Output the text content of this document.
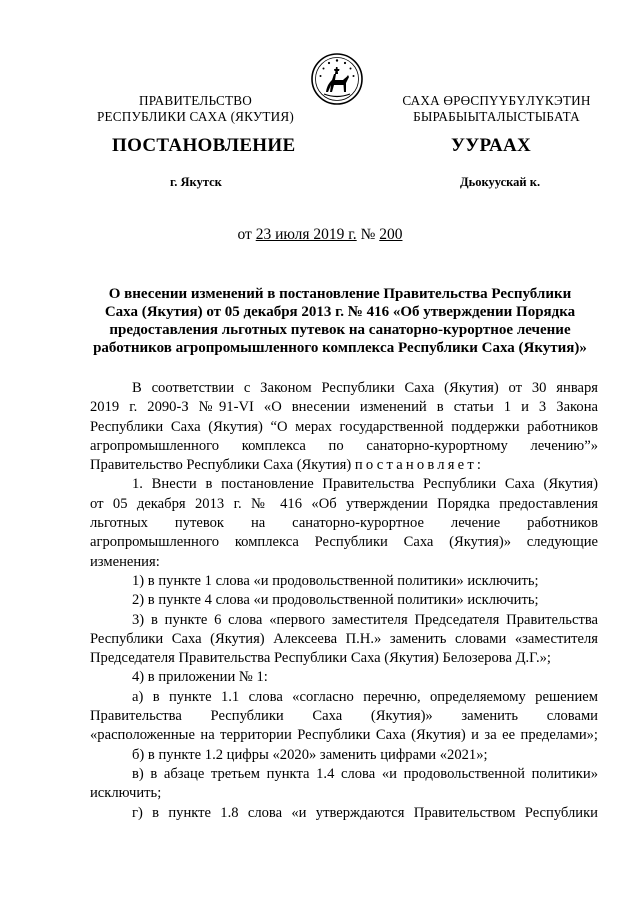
ПРАВИТЕЛЬСТВО
РЕСПУБЛИКИ САХА (ЯКУТИЯ)
САХА ӨРӨСПҮҮБҮЛҮКЭТИН
БЫРАБЫЫТАЛЫСТЫБАТА
ПОСТАНОВЛЕНИЕ	УУРААХ
г. Якутск	Дьокуускай к.
от 23 июля 2019 г. № 200
О внесении изменений в постановление Правительства Республики
Саха (Якутия) от 05 декабря 2013 г. № 416 «Об утверждении Порядка
предоставления льготных путевок на санаторно-курортное лечение
работников агропромышленного комплекса Республики Саха (Якутия)»

В соответствии с Законом Республики Саха (Якутия) от 30 января

2019 г. 2090-З №91-VI «О внесении изменений в статьи 1 и 3 Закона

Республики Саха (Якутия) “О мерах государственной поддержки работников

агропромышленного комплекса по санаторно-курортному лечению”»

Правительство Республики Саха (Якутия) постановляет:

1. Внести в постановление Правительства Республики Саха (Якутия)

от 05 декабря 2013 г. № 416 «Об утверждении Порядка предоставления

льготных путевок на санаторно-курортное лечение работников

агропромышленного комплекса Республики Саха (Якутия)» следующие

изменения:

1) в пункте 1 слова «и продовольственной политики» исключить;

2) в пункте 4 слова «и продовольственной политики» исключить;

3) в пункте 6 слова «первого заместителя Председателя Правительства

Республики Саха (Якутия) Алексеева П.Н.» заменить словами «заместителя

Председателя Правительства Республики Саха (Якутия) Белозерова Д.Г.»;

4) в приложении № 1:

а) в пункте 1.1 слова «согласно перечню, определяемому решением

Правительства Республики Саха (Якутия)» заменить словами

«расположенные на территории Республики Саха (Якутия) и за ее пределами»;

б) в пункте 1.2 цифры «2020» заменить цифрами «2021»;

в) в абзаце третьем пункта 1.4 слова «и продовольственной политики»

исключить;

г) в пункте 1.8 слова «и утверждаются Правительством Республики
